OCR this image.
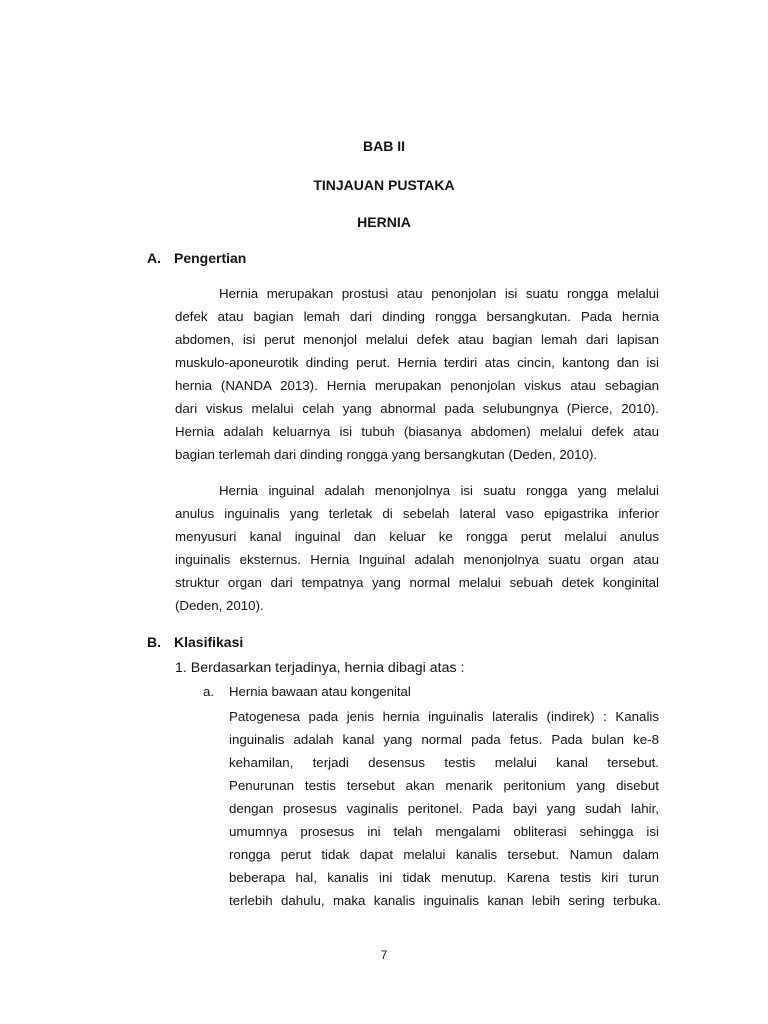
BAB II
TINJAUAN PUSTAKA
HERNIA
A. Pengertian
Hernia merupakan prostusi atau penonjolan isi suatu rongga melalui
defek atau bagian lemah dari dinding rongga bersangkutan. Pada hernia
abdomen, isi perut menonjol melalui defek atau bagian lemah dari lapisan
muskulo-aponeurotik dinding perut. Hernia terdiri atas cincin, kantong dan isi
hernia (NANDA 2013). Hernia merupakan penonjolan viskus atau sebagian
dari viskus melalui celah yang abnormal pada selubungnya (Pierce, 2010).
Hernia adalah keluarnya isi tubuh (biasanya abdomen) melalui defek atau
bagian terlemah dari dinding rongga yang bersangkutan (Deden, 2010).
Hernia inguinal adalah menonjolnya isi suatu rongga yang melalui
anulus inguinalis yang terletak di sebelah lateral vaso epigastrika inferior
menyusuri kanal inguinal dan keluar ke rongga perut melalui anulus
inguinalis eksternus. Hernia Inguinal adalah menonjolnya suatu organ atau
struktur organ dari tempatnya yang normal melalui sebuah detek konginital
(Deden, 2010).
B. Klasifikasi
1. Berdasarkan terjadinya, hernia dibagi atas :
a. Hernia bawaan atau kongenital
Patogenesa pada jenis hernia inguinalis lateralis (indirek) : Kanalis
inguinalis adalah kanal yang normal pada fetus. Pada bulan ke-8
kehamilan, terjadi desensus testis melalui kanal tersebut.
Penurunan testis tersebut akan menarik peritonium yang disebut
dengan prosesus vaginalis peritonel. Pada bayi yang sudah lahir,
umumnya prosesus ini telah mengalami obliterasi sehingga isi
rongga perut tidak dapat melalui kanalis tersebut. Namun dalam
beberapa hal, kanalis ini tidak menutup. Karena testis kiri turun
terlebih dahulu, maka kanalis inguinalis kanan lebih sering terbuka.
7
